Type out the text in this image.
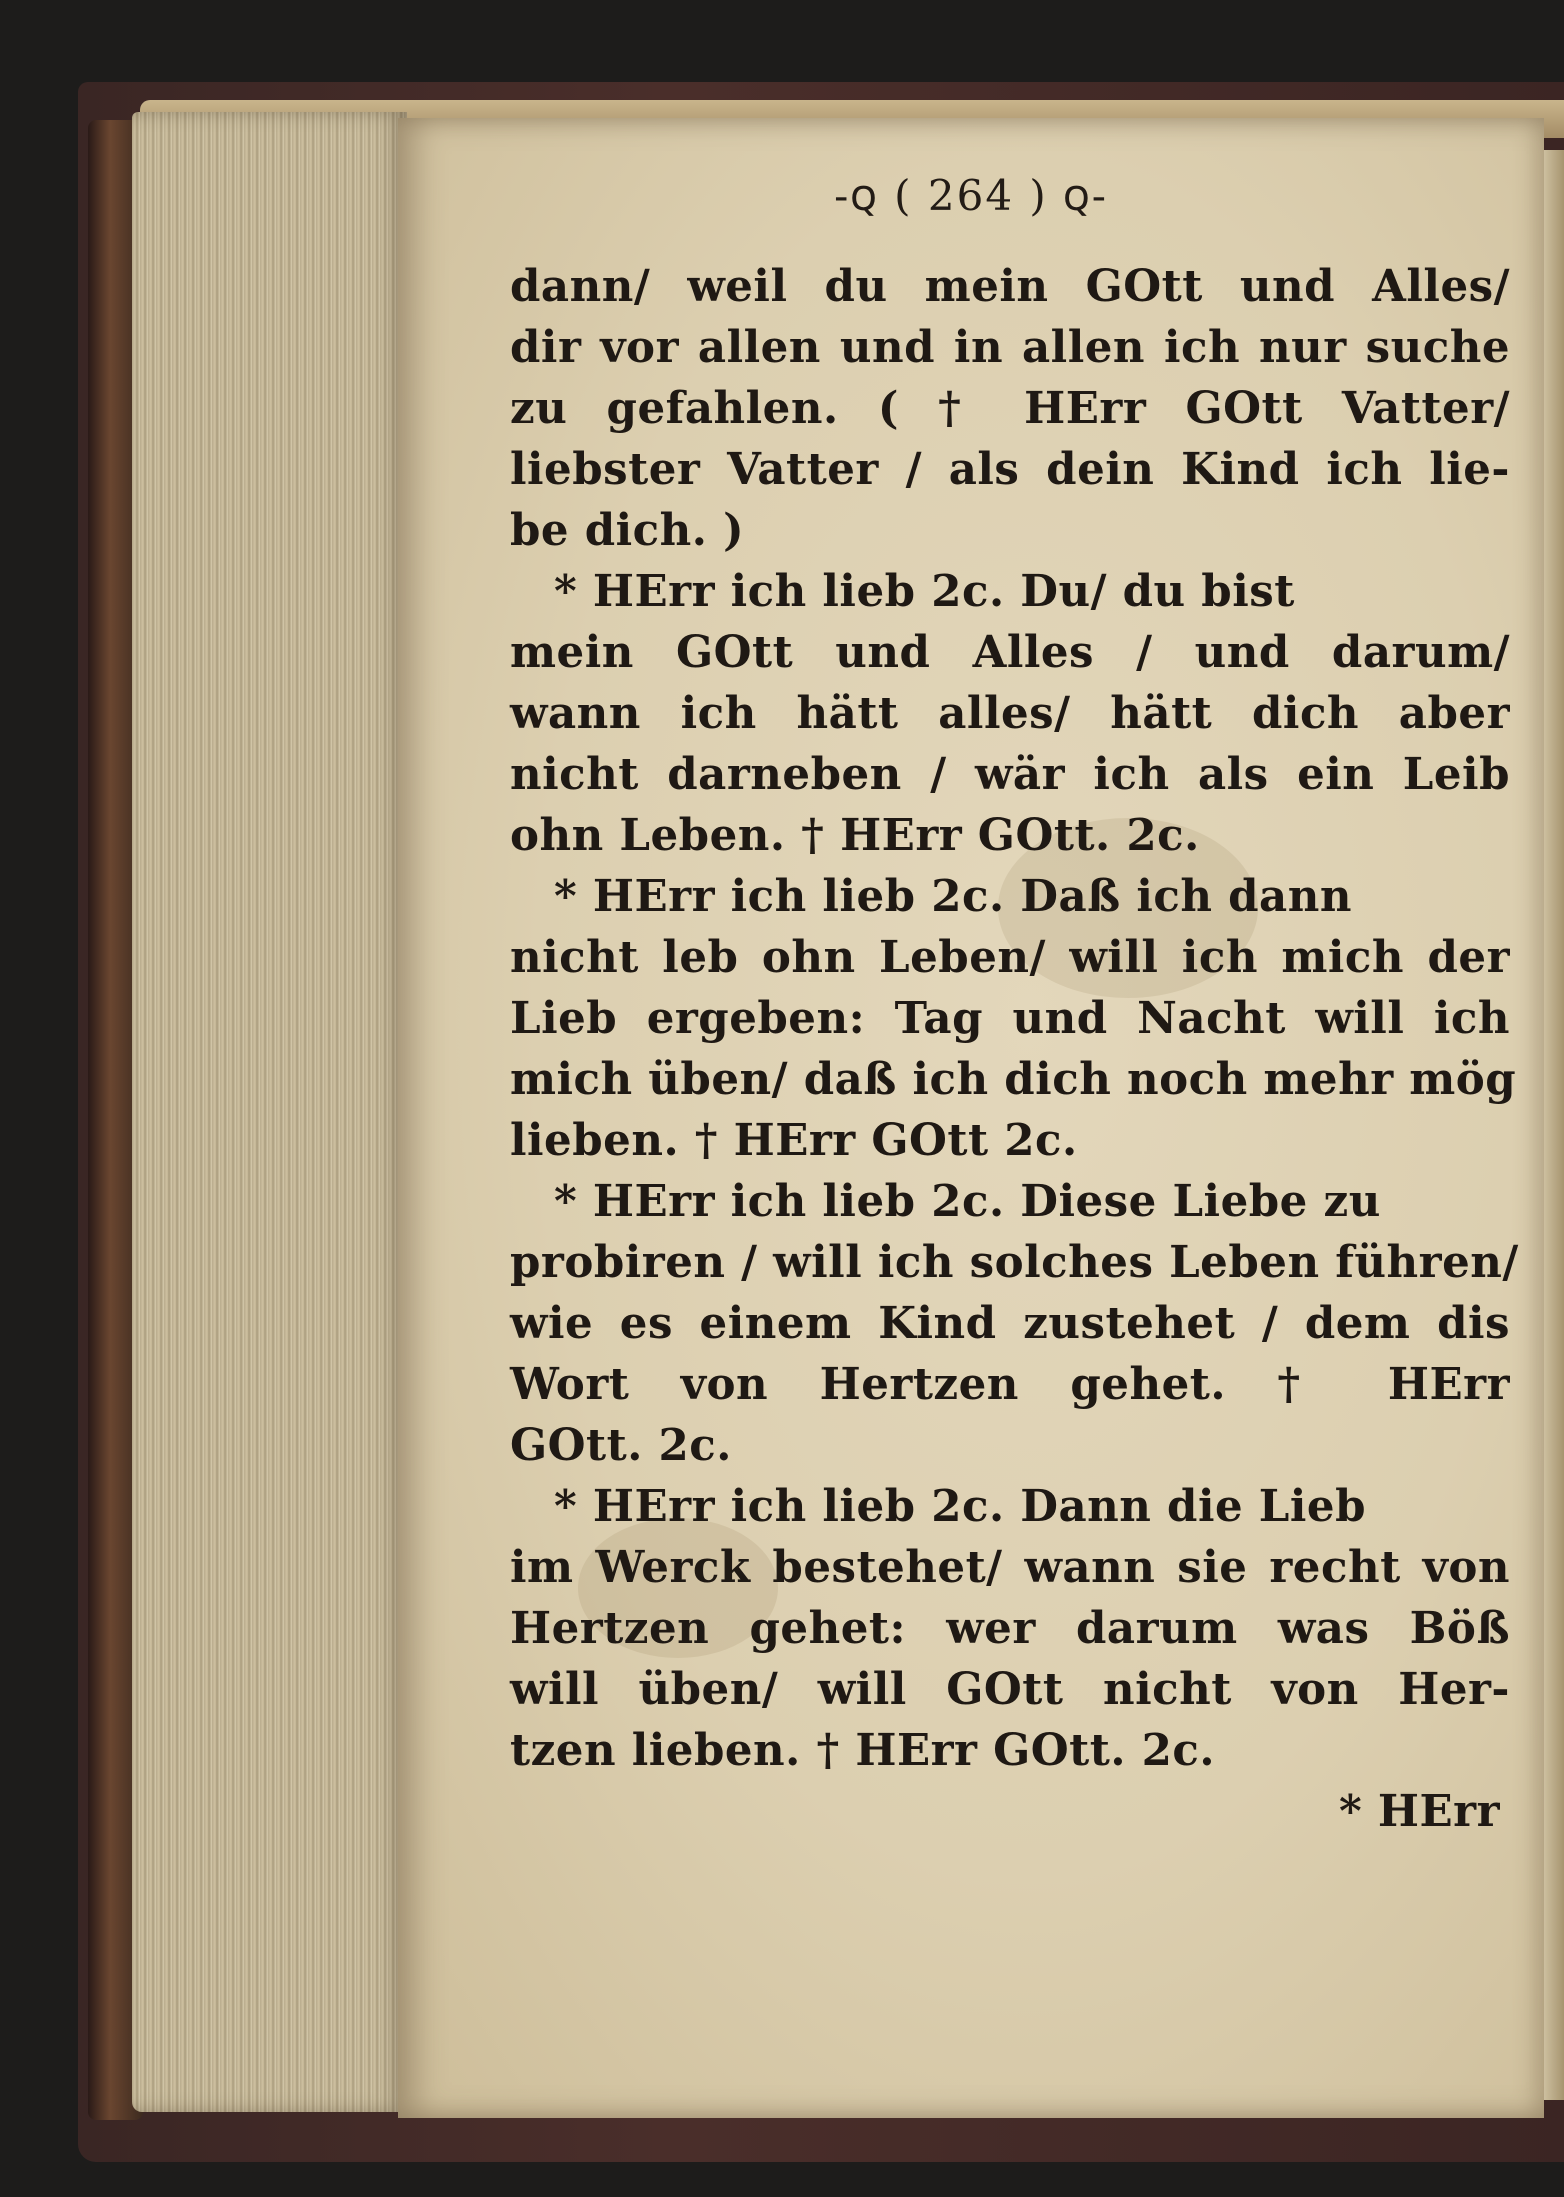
-ꞯ ( 264 ) ꞯ-
dann/ weil du mein GOtt und Alles/
dir vor allen und in allen ich nur suche
zu gefahlen. ( † HErr GOtt Vatter/
liebster Vatter / als dein Kind ich lie-
be dich. )
* HErr ich lieb 2c. Du/ du bist
mein GOtt und Alles / und darum/
wann ich hätt alles/ hätt dich aber
nicht darneben / wär ich als ein Leib
ohn Leben. † HErr GOtt. 2c.
* HErr ich lieb 2c. Daß ich dann
nicht leb ohn Leben/ will ich mich der
Lieb ergeben: Tag und Nacht will ich
mich üben/ daß ich dich noch mehr mög
lieben. † HErr GOtt 2c.
* HErr ich lieb 2c. Diese Liebe zu
probiren / will ich solches Leben führen/
wie es einem Kind zustehet / dem dis
Wort von Hertzen gehet. † HErr
GOtt. 2c.
* HErr ich lieb 2c. Dann die Lieb
im Werck bestehet/ wann sie recht von
Hertzen gehet: wer darum was Böß
will üben/ will GOtt nicht von Her-
tzen lieben. † HErr GOtt. 2c.
* HErr
